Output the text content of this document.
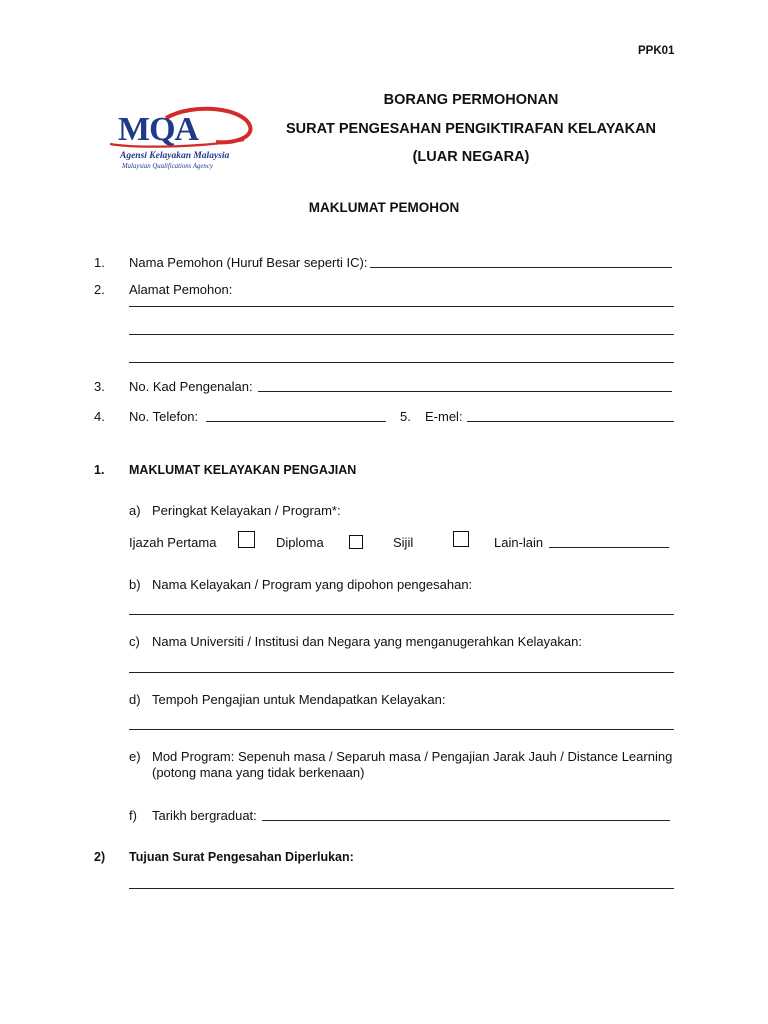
PPK01
MQA
Agensi Kelayakan Malaysia
Malaysian Qualifications Agency
BORANG PERMOHONAN
SURAT PENGESAHAN PENGIKTIRAFAN KELAYAKAN
(LUAR NEGARA)
MAKLUMAT PEMOHON
1. Nama Pemohon (Huruf Besar seperti IC):
2. Alamat Pemohon:
3. No. Kad Pengenalan:
4. No. Telefon:	5. E-mel:
1. MAKLUMAT KELAYAKAN PENGAJIAN
a) Peringkat Kelayakan / Program*:
Ijazah Pertama	Diploma	Sijil	Lain-lain
b) Nama Kelayakan / Program yang dipohon pengesahan:
c) Nama Universiti / Institusi dan Negara yang menganugerahkan Kelayakan:
d) Tempoh Pengajian untuk Mendapatkan Kelayakan:
e) Mod Program: Sepenuh masa / Separuh masa / Pengajian Jarak Jauh / Distance Learning
(potong mana yang tidak berkenaan)
f) Tarikh bergraduat:
2) Tujuan Surat Pengesahan Diperlukan:
